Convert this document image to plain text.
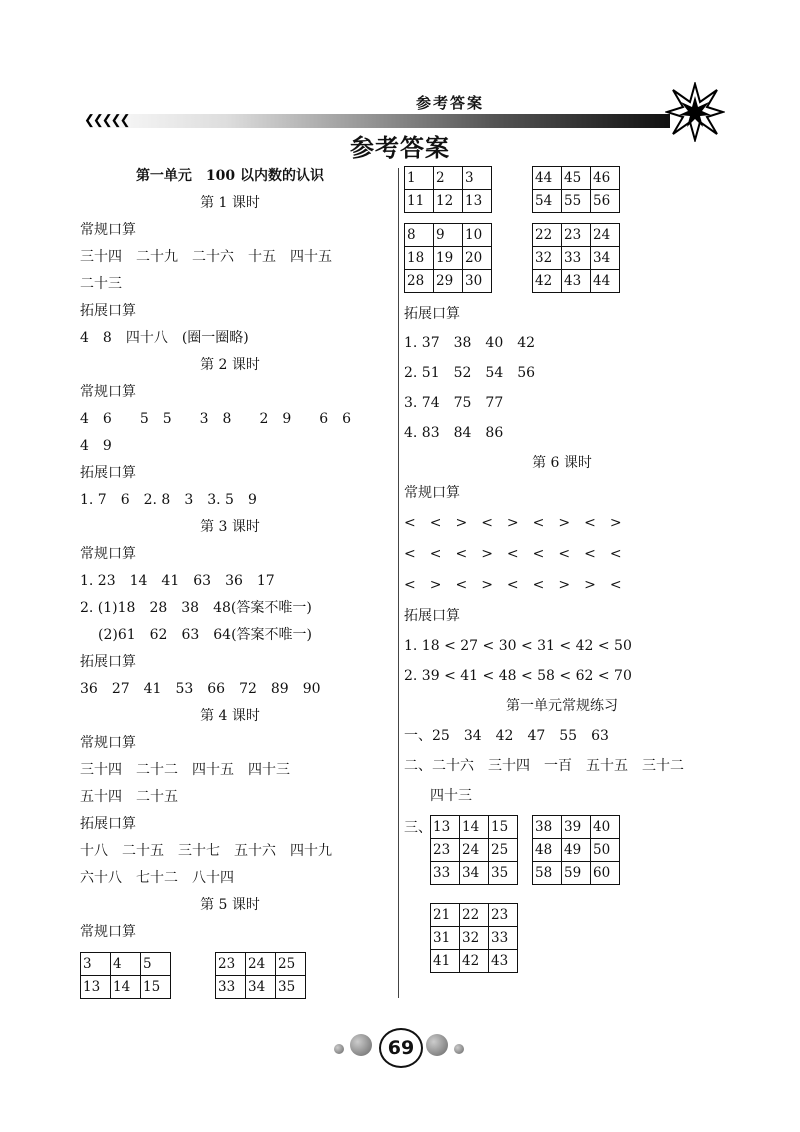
❮❮❮❮❮
参考答案
参考答案
第一单元　100 以内数的认识
第 1 课时
常规口算
三十四　二十九　二十六　十五　四十五
二十三
拓展口算
4　8　四十八　(圈一圈略)
第 2 课时
常规口算
4　6　　5　5　　3　8　　2　9　　6　6
4　9
拓展口算
1. 7　6　2. 8　3　3. 5　9
第 3 课时
常规口算
1. 23　14　41　63　36　17
2. (1)18　28　38　48(答案不唯一)
(2)61　62　63　64(答案不唯一)
拓展口算
36　27　41　53　66　72　89　90
第 4 课时
常规口算
三十四　二十二　四十五　四十三
五十四　二十五
拓展口算
十八　二十五　三十七　五十六　四十九
六十八　七十二　八十四
第 5 课时
常规口算
3	4	5
13	14	15
23	24	25
33	34	35
1	2	3
11	12	13
44	45	46
54	55	56
8	9	10
18	19	20
28	29	30
22	23	24
32	33	34
42	43	44
拓展口算
1. 37　38　40　42
2. 51　52　54　56
3. 74　75　77
4. 83　84　86
第 6 课时
常规口算
<　<　>　<　>　<　>　<　>
<　<　<　>　<　<　<　<　<
<　>　<　>　<　<　>　>　<
拓展口算
1. 18 < 27 < 30 < 31 < 42 < 50
2. 39 < 41 < 48 < 58 < 62 < 70
第一单元常规练习
一、25　34　42　47　55　63
二、二十六　三十四　一百　五十五　三十二
四十三
三、 13	14	15
23	24	25
33	34	35
38	39	40
48	49	50
58	59	60
21	22	23
31	32	33
41	42	43
69
